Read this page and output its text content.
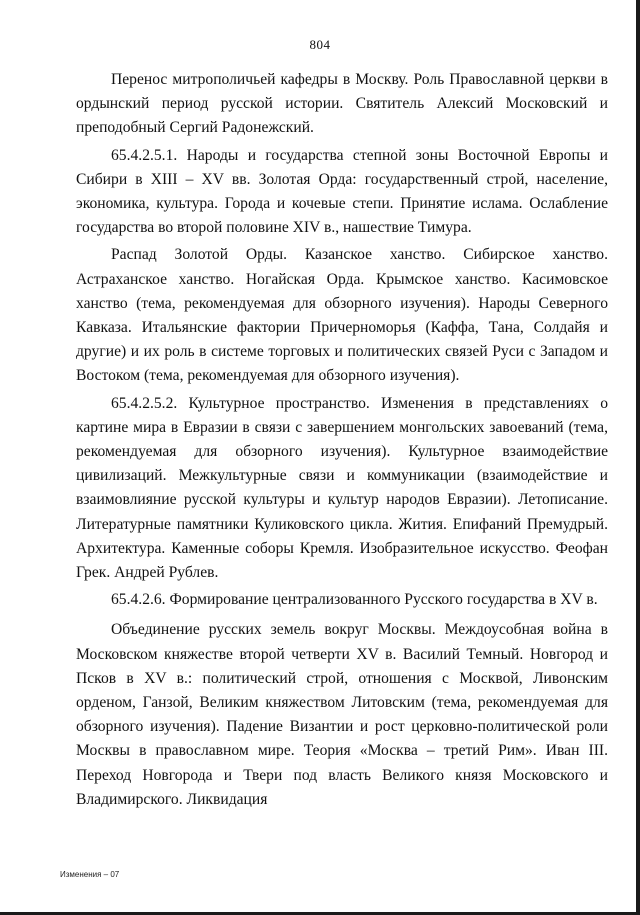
804

Перенос митрополичьей кафедры в Москву. Роль Православной церкви в ордынский период русской истории. Святитель Алексий Московский и преподобный Сергий Радонежский.

65.4.2.5.1. Народы и государства степной зоны Восточной Европы и Сибири в XIII – XV вв. Золотая Орда: государственный строй, население, экономика, культура. Города и кочевые степи. Принятие ислама. Ослабление государства во второй половине XIV в., нашествие Тимура.

Распад Золотой Орды. Казанское ханство. Сибирское ханство. Астраханское ханство. Ногайская Орда. Крымское ханство. Касимовское ханство (тема, рекомендуемая для обзорного изучения). Народы Северного Кавказа. Итальянские фактории Причерноморья (Каффа, Тана, Солдайя и другие) и их роль в системе торговых и политических связей Руси с Западом и Востоком (тема, рекомендуемая для обзорного изучения).

65.4.2.5.2. Культурное пространство. Изменения в представлениях о картине мира в Евразии в связи с завершением монгольских завоеваний (тема, рекомендуемая для обзорного изучения). Культурное взаимодействие цивилизаций. Межкультурные связи и коммуникации (взаимодействие и взаимовлияние русской культуры и культур народов Евразии). Летописание. Литературные памятники Куликовского цикла. Жития. Епифаний Премудрый. Архитектура. Каменные соборы Кремля. Изобразительное искусство. Феофан Грек. Андрей Рублев.

65.4.2.6. Формирование централизованного Русского государства в XV в.

Объединение русских земель вокруг Москвы. Междоусобная война в Московском княжестве второй четверти XV в. Василий Темный. Новгород и Псков в XV в.: политический строй, отношения с Москвой, Ливонским орденом, Ганзой, Великим княжеством Литовским (тема, рекомендуемая для обзорного изучения). Падение Византии и рост церковно-политической роли Москвы в православном мире. Теория «Москва – третий Рим». Иван III. Переход Новгорода и Твери под власть Великого князя Московского и Владимирского. Ликвидация

Изменения – 07
